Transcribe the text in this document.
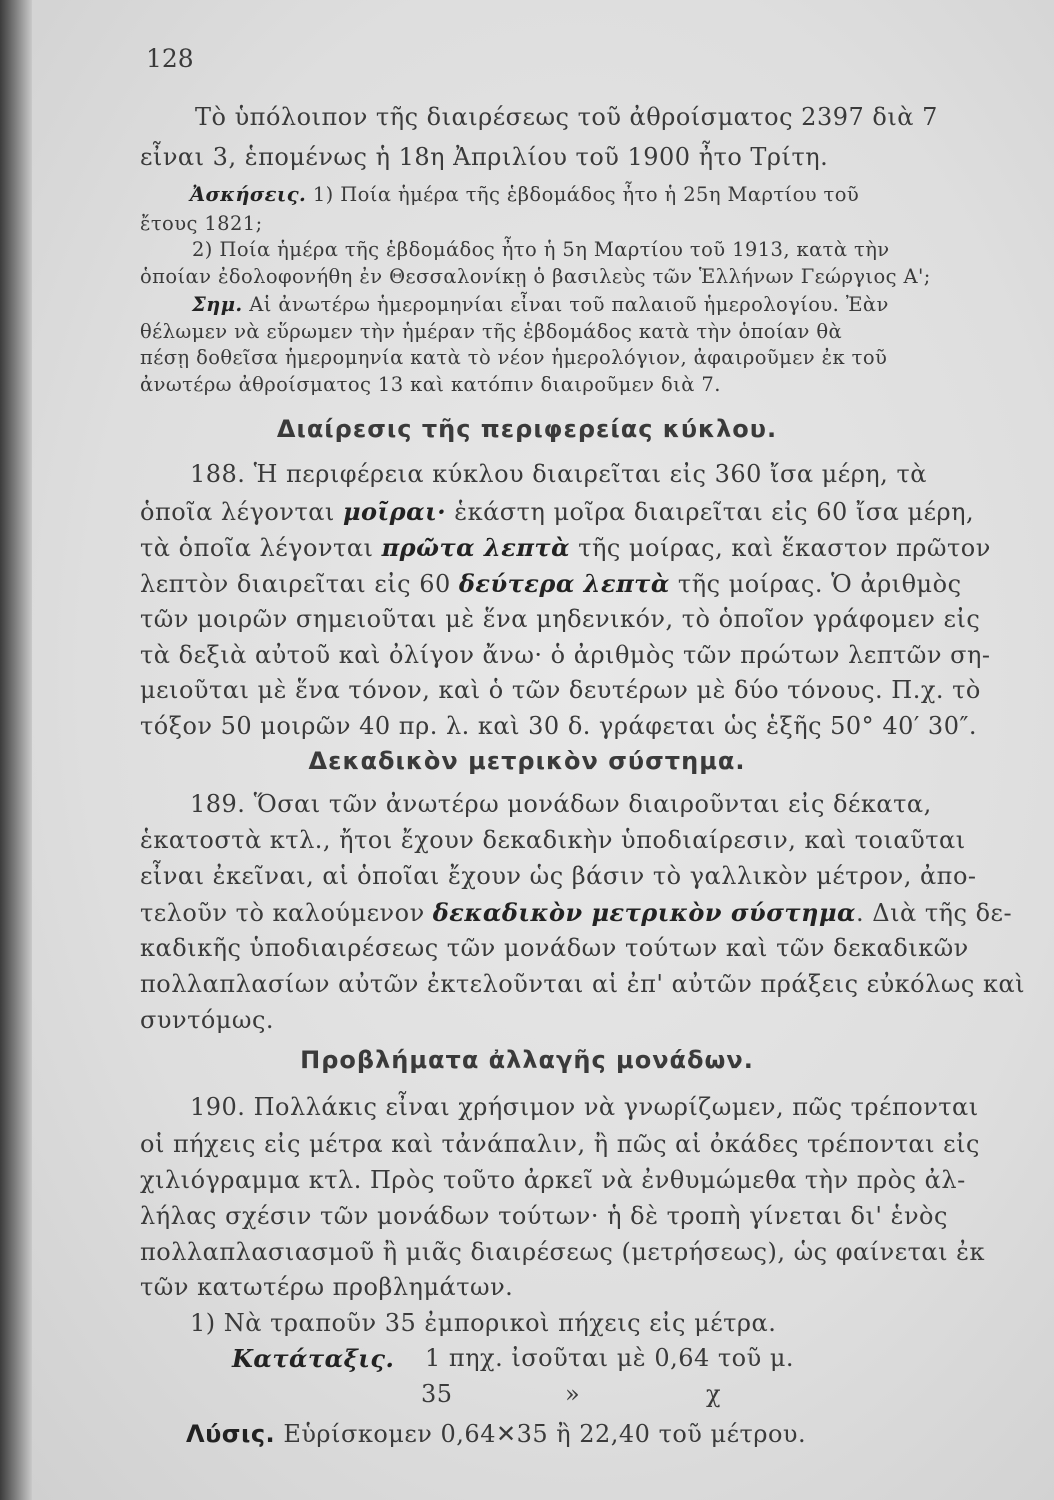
128
Τὸ ὑπόλοιπον τῆς διαιρέσεως τοῦ ἀθροίσματος 2397 διὰ 7
εἶναι 3, ἑπομένως ἡ 18η Ἀπριλίου τοῦ 1900 ἦτο Τρίτη.
Ἀσκήσεις. 1) Ποία ἡμέρα τῆς ἑβδομάδος ἦτο ἡ 25η Μαρτίου τοῦ
ἔτους 1821;
2) Ποία ἡμέρα τῆς ἑβδομάδος ἦτο ἡ 5η Μαρτίου τοῦ 1913, κατὰ τὴν
ὁποίαν ἐδολοφονήθη ἐν Θεσσαλονίκῃ ὁ βασιλεὺς τῶν Ἑλλήνων Γεώργιος Α';
Σημ. Αἱ ἀνωτέρω ἡμερομηνίαι εἶναι τοῦ παλαιοῦ ἡμερολογίου. Ἐὰν
θέλωμεν νὰ εὕρωμεν τὴν ἡμέραν τῆς ἑβδομάδος κατὰ τὴν ὁποίαν θὰ
πέσῃ δοθεῖσα ἡμερομηνία κατὰ τὸ νέον ἡμερολόγιον, ἀφαιροῦμεν ἐκ τοῦ
ἀνωτέρω ἀθροίσματος 13 καὶ κατόπιν διαιροῦμεν διὰ 7.
Διαίρεσις τῆς περιφερείας κύκλου.
188. Ἡ περιφέρεια κύκλου διαιρεῖται εἰς 360 ἴσα μέρη, τὰ
ὁποῖα λέγονται μοῖραι· ἑκάστη μοῖρα διαιρεῖται εἰς 60 ἴσα μέρη,
τὰ ὁποῖα λέγονται πρῶτα λεπτὰ τῆς μοίρας, καὶ ἕκαστον πρῶτον
λεπτὸν διαιρεῖται εἰς 60 δεύτερα λεπτὰ τῆς μοίρας. Ὁ ἀριθμὸς
τῶν μοιρῶν σημειοῦται μὲ ἕνα μηδενικόν, τὸ ὁποῖον γράφομεν εἰς
τὰ δεξιὰ αὐτοῦ καὶ ὀλίγον ἄνω· ὁ ἀριθμὸς τῶν πρώτων λεπτῶν ση-
μειοῦται μὲ ἕνα τόνον, καὶ ὁ τῶν δευτέρων μὲ δύο τόνους. Π.χ. τὸ
τόξον 50 μοιρῶν 40 πρ. λ. καὶ 30 δ. γράφεται ὡς ἑξῆς 50° 40′ 30″.
Δεκαδικὸν μετρικὸν σύστημα.
189. Ὅσαι τῶν ἀνωτέρω μονάδων διαιροῦνται εἰς δέκατα,
ἑκατοστὰ κτλ., ἤτοι ἔχουν δεκαδικὴν ὑποδιαίρεσιν, καὶ τοιαῦται
εἶναι ἐκεῖναι, αἱ ὁποῖαι ἔχουν ὡς βάσιν τὸ γαλλικὸν μέτρον, ἀπο-
τελοῦν τὸ καλούμενον δεκαδικὸν μετρικὸν σύστημα. Διὰ τῆς δε-
καδικῆς ὑποδιαιρέσεως τῶν μονάδων τούτων καὶ τῶν δεκαδικῶν
πολλαπλασίων αὐτῶν ἐκτελοῦνται αἱ ἐπ' αὐτῶν πράξεις εὐκόλως καὶ
συντόμως.
Προβλήματα ἀλλαγῆς μονάδων.
190. Πολλάκις εἶναι χρήσιμον νὰ γνωρίζωμεν, πῶς τρέπονται
οἱ πήχεις εἰς μέτρα καὶ τἀνάπαλιν, ἢ πῶς αἱ ὀκάδες τρέπονται εἰς
χιλιόγραμμα κτλ. Πρὸς τοῦτο ἀρκεῖ νὰ ἐνθυμώμεθα τὴν πρὸς ἀλ-
λήλας σχέσιν τῶν μονάδων τούτων· ἡ δὲ τροπὴ γίνεται δι' ἑνὸς
πολλαπλασιασμοῦ ἢ μιᾶς διαιρέσεως (μετρήσεως), ὡς φαίνεται ἐκ
τῶν κατωτέρω προβλημάτων.
1) Νὰ τραποῦν 35 ἐμπορικοὶ πήχεις εἰς μέτρα.
Κατάταξις.	1 πηχ. ἰσοῦται μὲ 0,64 τοῦ μ.
35	»	χ
Λύσις. Εὑρίσκομεν 0,64✕35 ἢ 22,40 τοῦ μέτρου.
